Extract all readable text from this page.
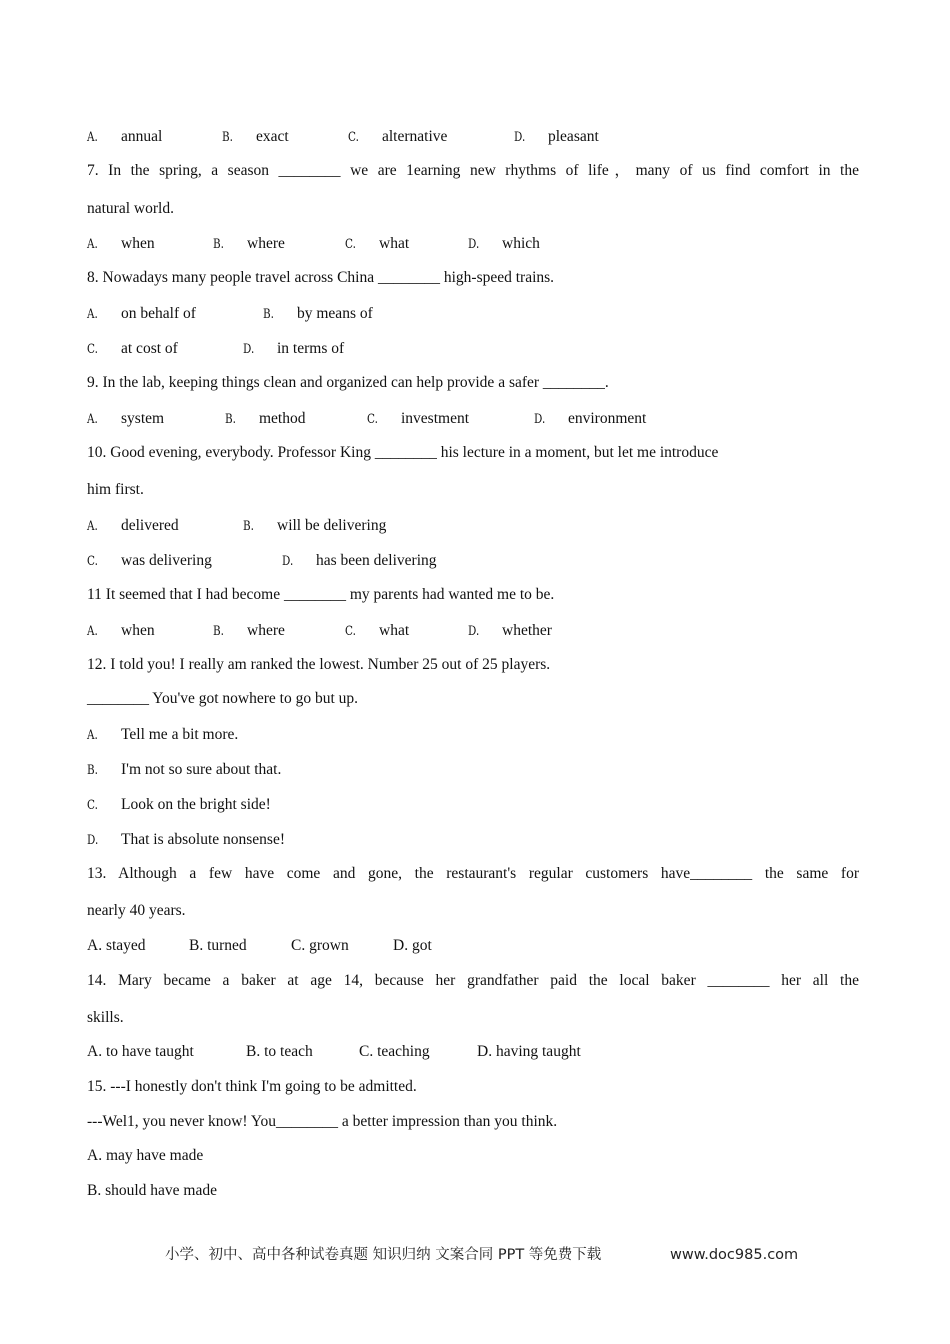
A. annual	B. exact	C. alternative	D. pleasant
7. In the spring, a season ________ we are 1earning new rhythms of life，many of us find comfort in the
natural world.
A. when	B. where	C. what	D. which
8. Nowadays many people travel across China ________ high-speed trains.
A. on behalf of	B. by means of
C. at cost of	D. in terms of
9. In the lab, keeping things clean and organized can help provide a safer ________.
A. system	B. method	C. investment	D. environment
10. Good evening, everybody. Professor King ________ his lecture in a moment, but let me introduce
him first.
A. delivered	B. will be delivering
C. was delivering	D. has been delivering
11 It seemed that I had become ________ my parents had wanted me to be.
A. when	B. where	C. what	D. whether
12. I told you! I really am ranked the lowest. Number 25 out of 25 players.
________ You've got nowhere to go but up.
A. Tell me a bit more.
B. I'm not so sure about that.
C. Look on the bright side!
D. That is absolute nonsense!
13. Although a few have come and gone, the restaurant's regular customers have________ the same for
nearly 40 years.
A. stayed	B. turned	C. grown	D. got
14. Mary became a baker at age 14, because her grandfather paid the local baker ________ her all the
skills.
A. to have taught	B. to teach	C. teaching	D. having taught
15. ---I honestly don't think I'm going to be admitted.
---Wel1, you never know! You________ a better impression than you think.
A. may have made
B. should have made
小学、初中、高中各种试卷真题 知识归纳 文案合同 PPT 等免费下载	www.doc985.com
